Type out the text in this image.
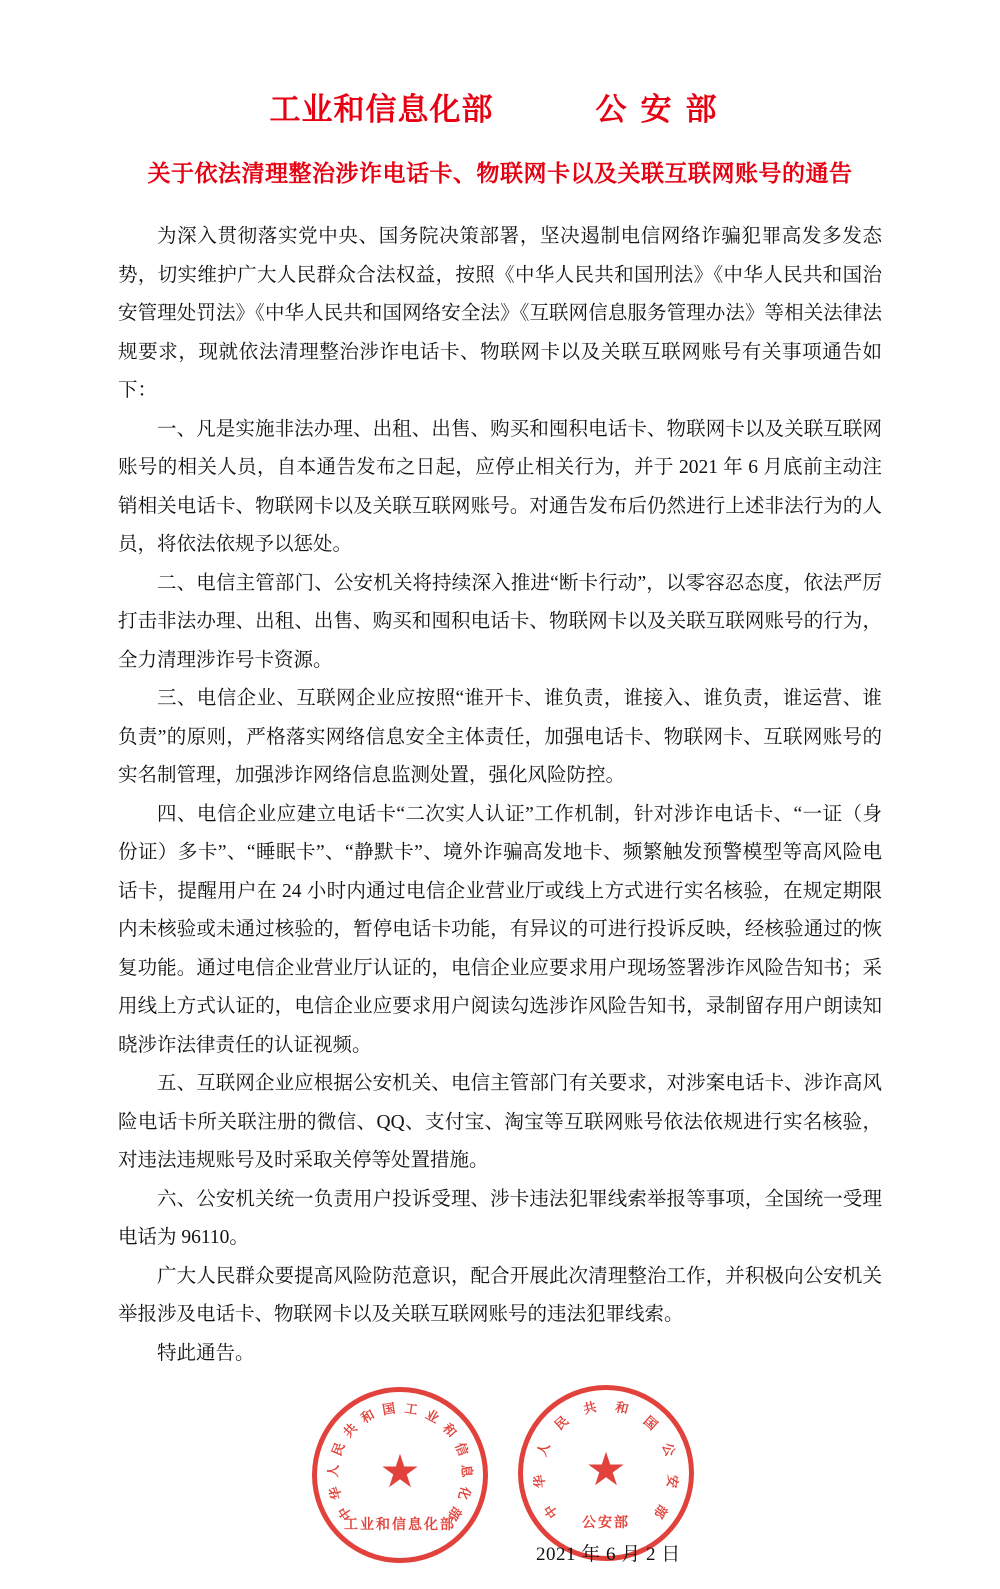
工业和信息化部	公安部
关于依法清理整治涉诈电话卡、物联网卡以及关联互联网账号的通告

为深入贯彻落实党中央、国务院决策部署，坚决遏制电信网络诈骗犯罪高发多发态势，切实维护广大人民群众合法权益，按照《中华人民共和国刑法》《中华人民共和国治安管理处罚法》《中华人民共和国网络安全法》《互联网信息服务管理办法》等相关法律法规要求，现就依法清理整治涉诈电话卡、物联网卡以及关联互联网账号有关事项通告如下：

一、凡是实施非法办理、出租、出售、购买和囤积电话卡、物联网卡以及关联互联网账号的相关人员，自本通告发布之日起，应停止相关行为，并于 2021 年 6 月底前主动注销相关电话卡、物联网卡以及关联互联网账号。对通告发布后仍然进行上述非法行为的人员，将依法依规予以惩处。

二、电信主管部门、公安机关将持续深入推进“断卡行动”，以零容忍态度，依法严厉打击非法办理、出租、出售、购买和囤积电话卡、物联网卡以及关联互联网账号的行为，全力清理涉诈号卡资源。

三、电信企业、互联网企业应按照“谁开卡、谁负责，谁接入、谁负责，谁运营、谁负责”的原则，严格落实网络信息安全主体责任，加强电话卡、物联网卡、互联网账号的实名制管理，加强涉诈网络信息监测处置，强化风险防控。

四、电信企业应建立电话卡“二次实人认证”工作机制，针对涉诈电话卡、“一证（身份证）多卡”、“睡眠卡”、“静默卡”、境外诈骗高发地卡、频繁触发预警模型等高风险电话卡，提醒用户在 24 小时内通过电信企业营业厅或线上方式进行实名核验，在规定期限内未核验或未通过核验的，暂停电话卡功能，有异议的可进行投诉反映，经核验通过的恢复功能。通过电信企业营业厅认证的，电信企业应要求用户现场签署涉诈风险告知书；采用线上方式认证的，电信企业应要求用户阅读勾选涉诈风险告知书，录制留存用户朗读知晓涉诈法律责任的认证视频。

五、互联网企业应根据公安机关、电信主管部门有关要求，对涉案电话卡、涉诈高风险电话卡所关联注册的微信、QQ、支付宝、淘宝等互联网账号依法依规进行实名核验，对违法违规账号及时采取关停等处置措施。

六、公安机关统一负责用户投诉受理、涉卡违法犯罪线索举报等事项，全国统一受理电话为 96110。

广大人民群众要提高风险防范意识，配合开展此次清理整治工作，并积极向公安机关举报涉及电话卡、物联网卡以及关联互联网账号的违法犯罪线索。

特此通告。

中
华
人
民
共
和 国 工 业
和
信
息
化
部
★
工业和信息化部
中
华
人
民
共 和
国
公
安
部
★
公安部
2021 年 6 月 2 日
